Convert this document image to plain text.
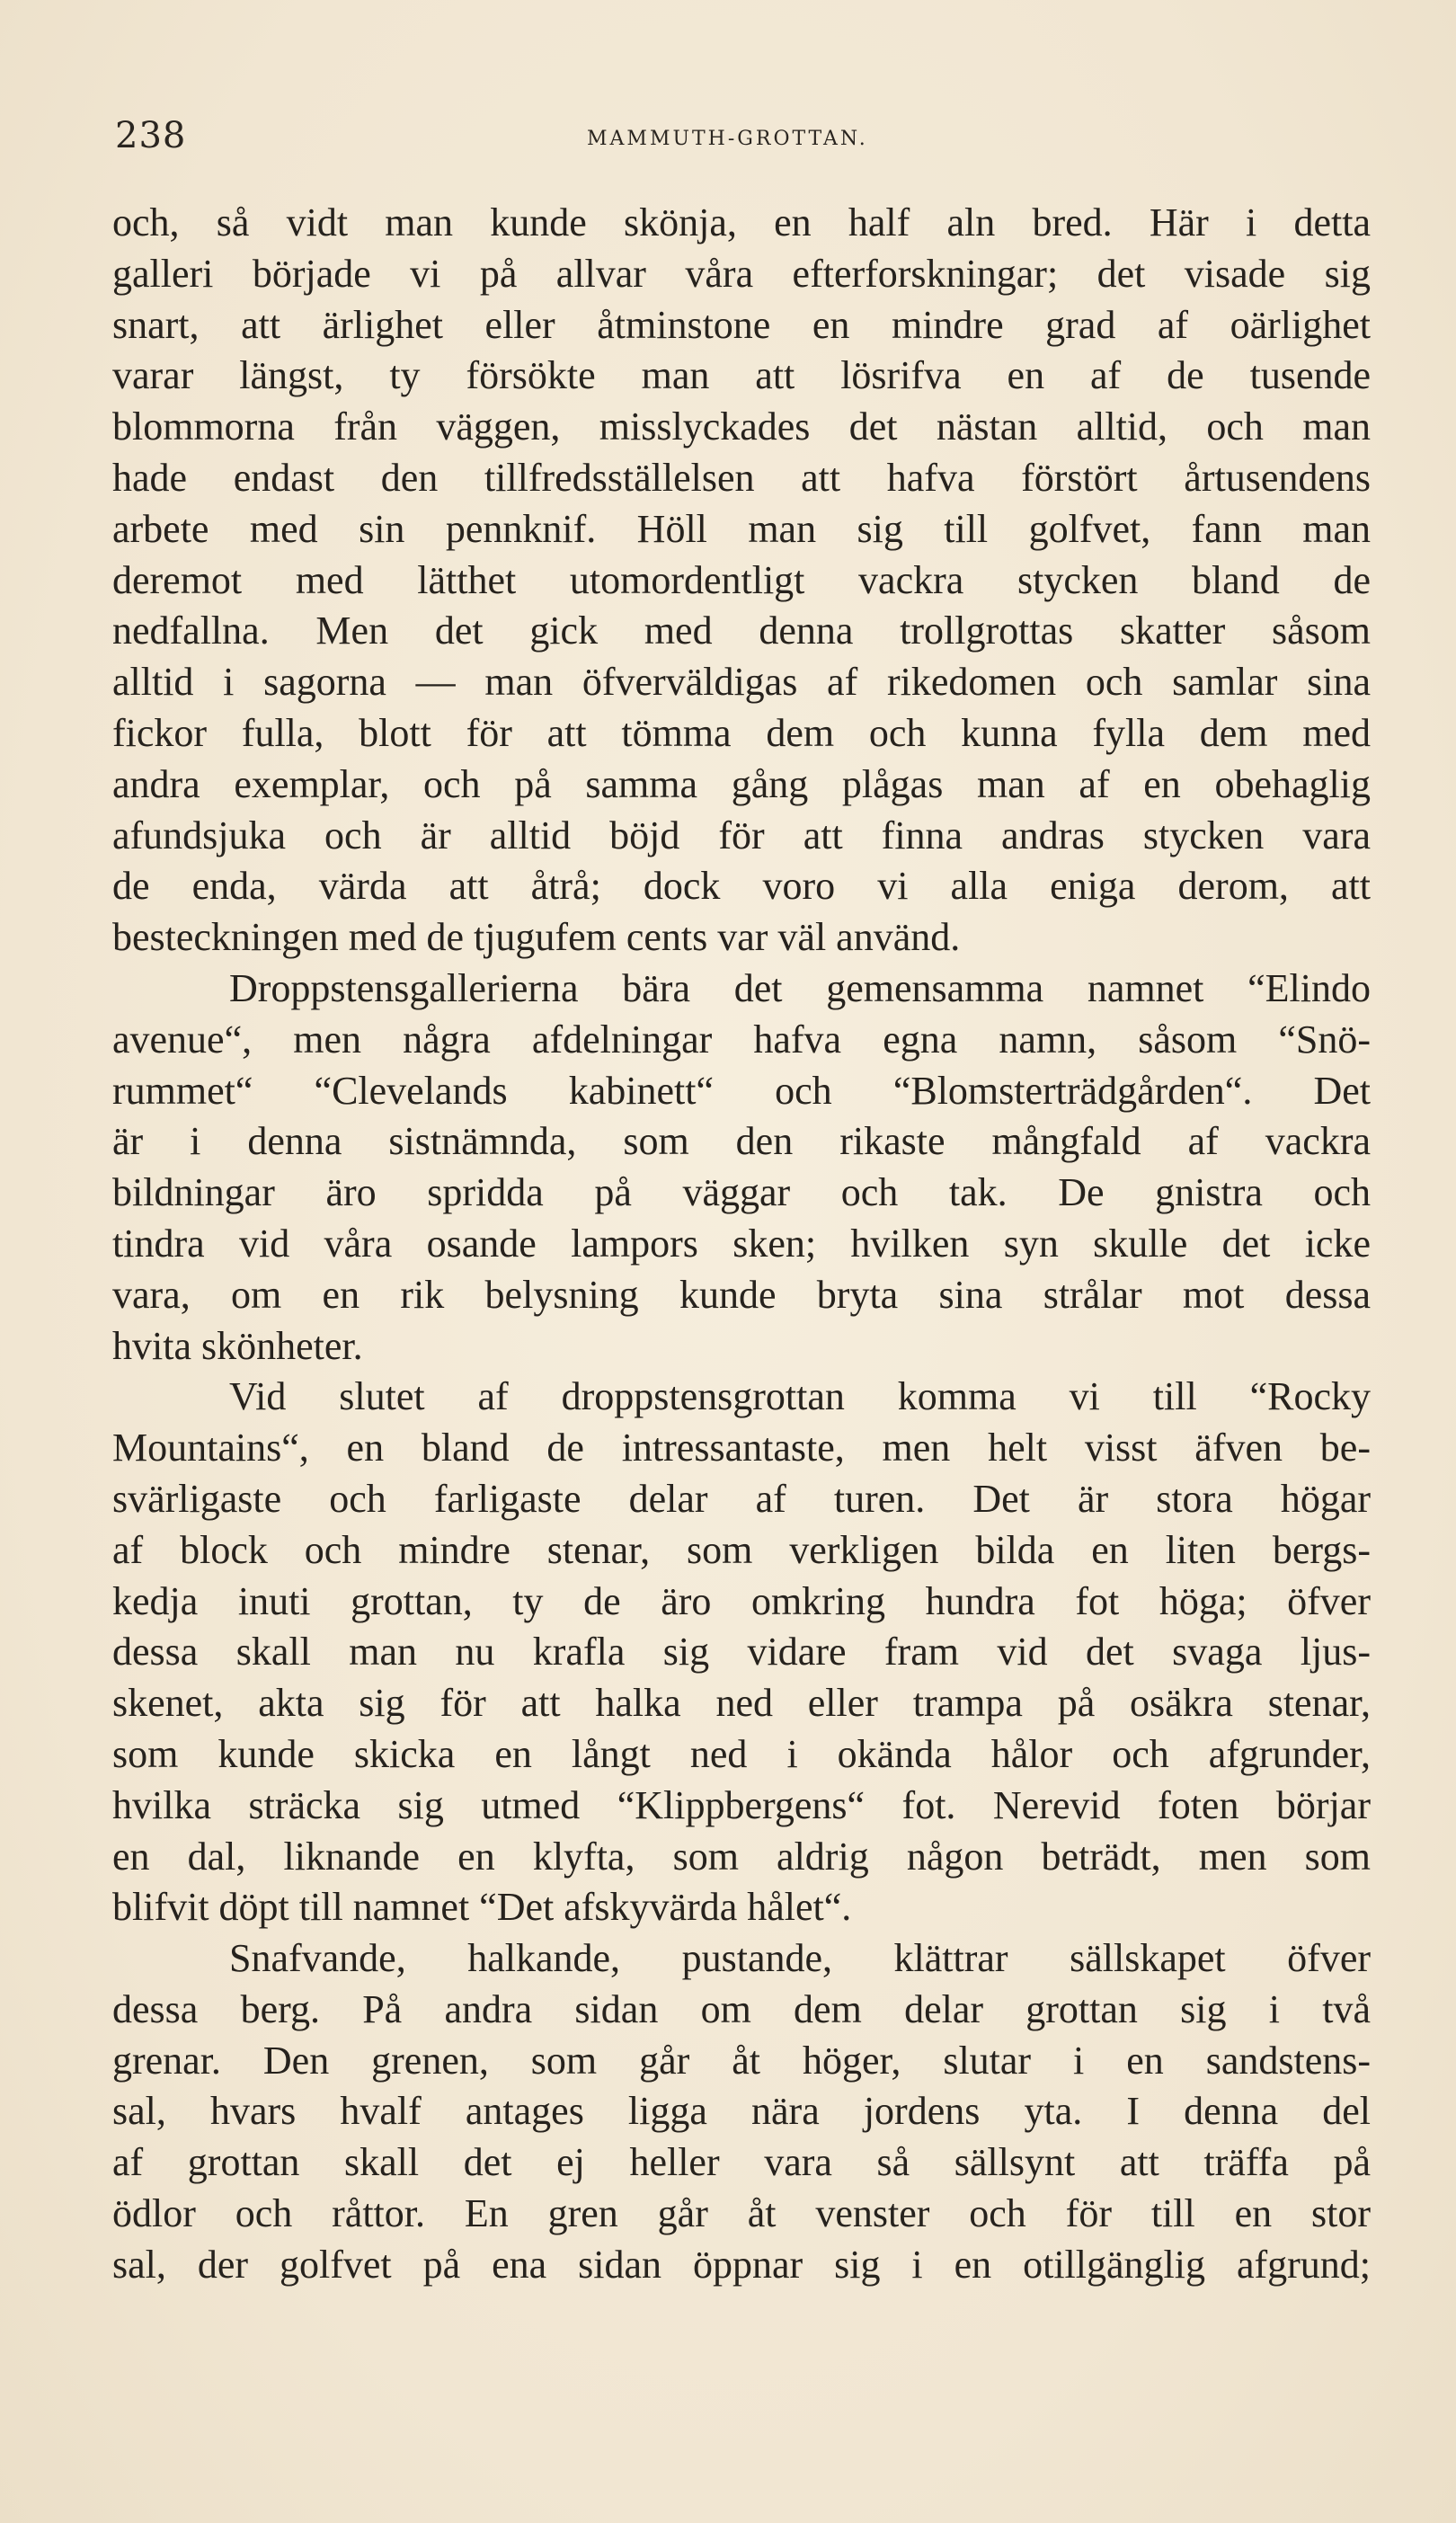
238	MAMMUTH-GROTTAN.
och, så vidt man kunde skönja, en half aln bred. Här i detta
galleri började vi på allvar våra efterforskningar; det visade sig
snart, att ärlighet eller åtminstone en mindre grad af oärlighet
varar längst, ty försökte man att lösrifva en af de tusende
blommorna från väggen, misslyckades det nästan alltid, och man
hade endast den tillfredsställelsen att hafva förstört årtusendens
arbete med sin pennknif. Höll man sig till golfvet, fann man
deremot med lätthet utomordentligt vackra stycken bland de
nedfallna. Men det gick med denna trollgrottas skatter såsom
alltid i sagorna — man öfverväldigas af rikedomen och samlar sina
fickor fulla, blott för att tömma dem och kunna fylla dem med
andra exemplar, och på samma gång plågas man af en obehaglig
afundsjuka och är alltid böjd för att finna andras stycken vara
de enda, värda att åtrå; dock voro vi alla eniga derom, att
besteckningen med de tjugufem cents var väl använd.
Droppstensgallerierna bära det gemensamma namnet “Elindo
avenue“, men några afdelningar hafva egna namn, såsom “Snö-
rummet“ “Clevelands kabinett“ och “Blomsterträdgården“. Det
är i denna sistnämnda, som den rikaste mångfald af vackra
bildningar äro spridda på väggar och tak. De gnistra och
tindra vid våra osande lampors sken; hvilken syn skulle det icke
vara, om en rik belysning kunde bryta sina strålar mot dessa
hvita skönheter.
Vid slutet af droppstensgrottan komma vi till “Rocky
Mountains“, en bland de intressantaste, men helt visst äfven be-
svärligaste och farligaste delar af turen. Det är stora högar
af block och mindre stenar, som verkligen bilda en liten bergs-
kedja inuti grottan, ty de äro omkring hundra fot höga; öfver
dessa skall man nu krafla sig vidare fram vid det svaga ljus-
skenet, akta sig för att halka ned eller trampa på osäkra stenar,
som kunde skicka en långt ned i okända hålor och afgrunder,
hvilka sträcka sig utmed “Klippbergens“ fot. Nerevid foten börjar
en dal, liknande en klyfta, som aldrig någon beträdt, men som
blifvit döpt till namnet “Det afskyvärda hålet“.
Snafvande, halkande, pustande, klättrar sällskapet öfver
dessa berg. På andra sidan om dem delar grottan sig i två
grenar. Den grenen, som går åt höger, slutar i en sandstens-
sal, hvars hvalf antages ligga nära jordens yta. I denna del
af grottan skall det ej heller vara så sällsynt att träffa på
ödlor och råttor. En gren går åt venster och för till en stor
sal, der golfvet på ena sidan öppnar sig i en otillgänglig afgrund;
